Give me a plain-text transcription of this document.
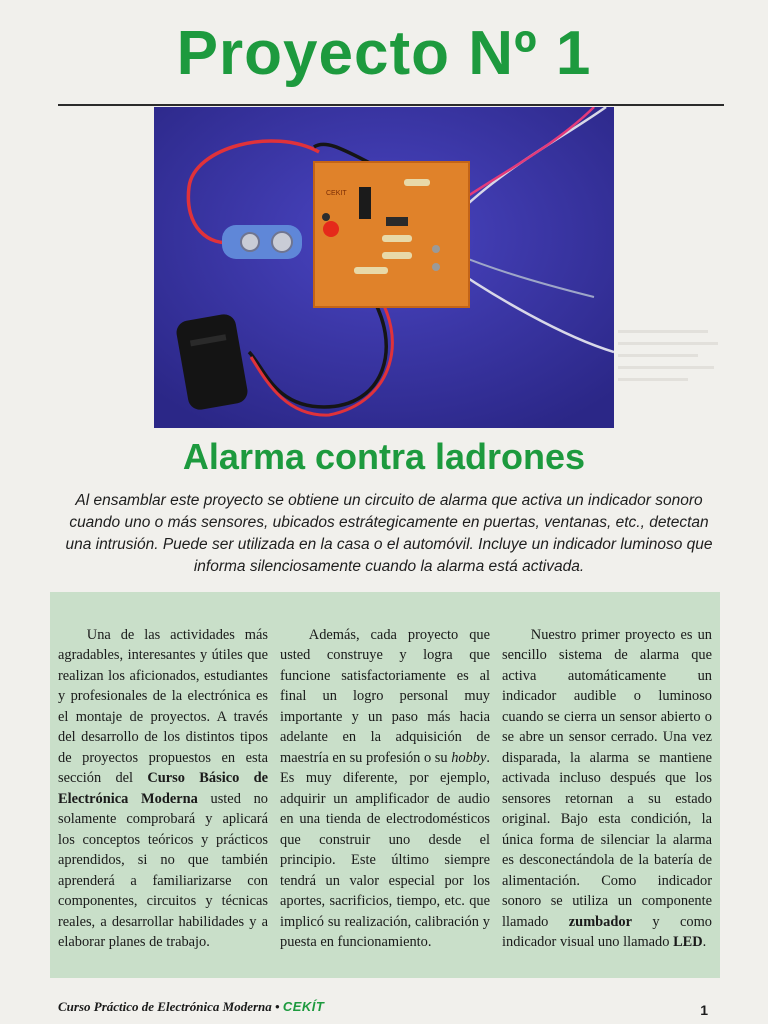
Proyecto Nº 1
CEKIT
Alarma contra ladrones
Al ensamblar este proyecto se obtiene un circuito de alarma que activa un indicador sonoro cuando uno o más sensores, ubicados estrátegicamente en puertas, ventanas, etc., detectan una intrusión. Puede ser utilizada en la casa o el automóvil. Incluye un indicador luminoso que informa silenciosamente cuando la alarma está activada.

Una de las actividades más agradables, interesantes y útiles que realizan los aficionados, estudiantes y profesionales de la electrónica es el montaje de proyectos. A través del desarrollo de los distintos tipos de proyectos propuestos en esta sección del Curso Básico de Electrónica Moderna usted no solamente comprobará y aplicará los conceptos teóricos y prácticos aprendidos, si no que también aprenderá a familiarizarse con componentes, circuitos y técnicas reales, a desarrollar habilidades y a elaborar planes de trabajo.

Además, cada proyecto que usted construye y logra que funcione satisfactoriamente es al final un logro personal muy importante y un paso más hacia adelante en la adquisición de maestría en su profesión o su hobby. Es muy diferente, por ejemplo, adquirir un amplificador de audio en una tienda de electrodomésticos que construir uno desde el principio. Este último siempre tendrá un valor especial por los aportes, sacrificios, tiempo, etc. que implicó su realización, calibración y puesta en funcionamiento.

Nuestro primer proyecto es un sencillo sistema de alarma que activa automáticamente un indicador audible o luminoso cuando se cierra un sensor abierto o se abre un sensor cerrado. Una vez disparada, la alarma se mantiene activada incluso después que los sensores retornan a su estado original. Bajo esta condición, la única forma de silenciar la alarma es desconectándola de la batería de alimentación. Como indicador sonoro se utiliza un componente llamado zumbador y como indicador visual uno llamado LED.

Curso Práctico de Electrónica Moderna • CEKÍT	1
